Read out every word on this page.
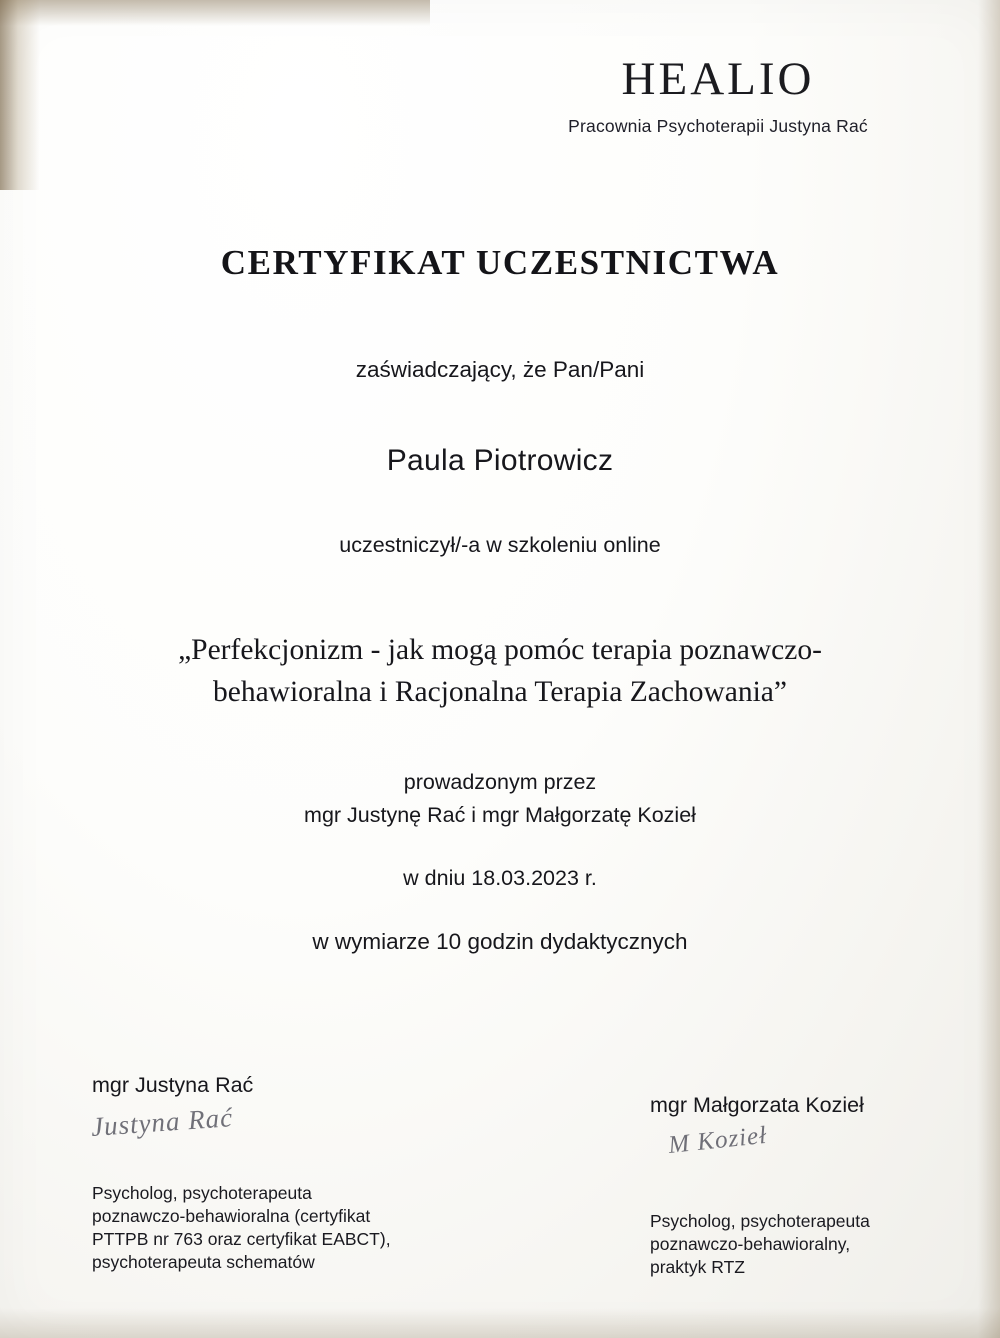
HEALIO
Pracownia Psychoterapii Justyna Rać
CERTYFIKAT UCZESTNICTWA
zaświadczający, że Pan/Pani
Paula Piotrowicz
uczestniczył/-a w szkoleniu online
„Perfekcjonizm - jak mogą pomóc terapia poznawczo-
behawioralna i Racjonalna Terapia Zachowania”
prowadzonym przez
mgr Justynę Rać i mgr Małgorzatę Kozieł
w dniu 18.03.2023 r.
w wymiarze 10 godzin dydaktycznych
mgr Justyna Rać
Justyna Rać
Psycholog, psychoterapeuta
poznawczo-behawioralna (certyfikat
PTTPB nr 763 oraz certyfikat EABCT),
psychoterapeuta schematów
mgr Małgorzata Kozieł
M Kozieł
Psycholog, psychoterapeuta
poznawczo-behawioralny,
praktyk RTZ
